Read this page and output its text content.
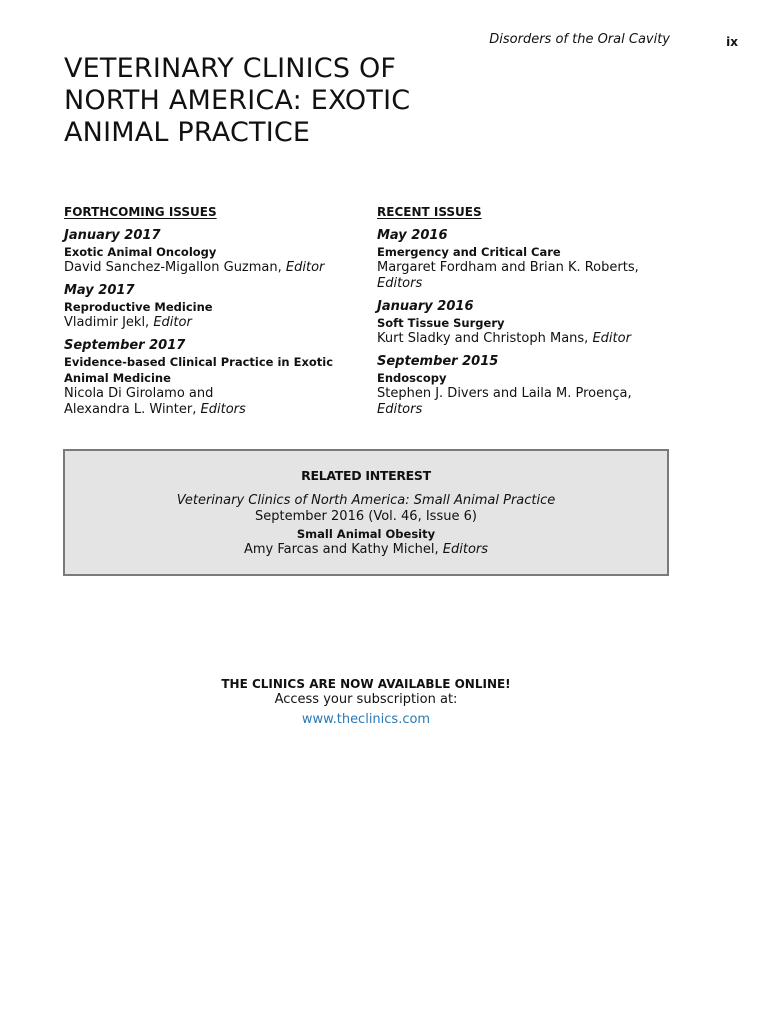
Disorders of the Oral Cavity	ix
VETERINARY CLINICS OF
NORTH AMERICA: EXOTIC
ANIMAL PRACTICE
FORTHCOMING ISSUES
January 2017
Exotic Animal Oncology
David Sanchez-Migallon Guzman, Editor
May 2017
Reproductive Medicine
Vladimir Jekl, Editor
September 2017
Evidence-based Clinical Practice in Exotic
Animal Medicine
Nicola Di Girolamo and
Alexandra L. Winter, Editors
RECENT ISSUES
May 2016
Emergency and Critical Care
Margaret Fordham and Brian K. Roberts, Editors
January 2016
Soft Tissue Surgery
Kurt Sladky and Christoph Mans, Editor
September 2015
Endoscopy
Stephen J. Divers and Laila M. Proença, Editors
RELATED INTEREST
Veterinary Clinics of North America: Small Animal Practice
September 2016 (Vol. 46, Issue 6)
Small Animal Obesity
Amy Farcas and Kathy Michel, Editors
THE CLINICS ARE NOW AVAILABLE ONLINE!
Access your subscription at:
www.theclinics.com
